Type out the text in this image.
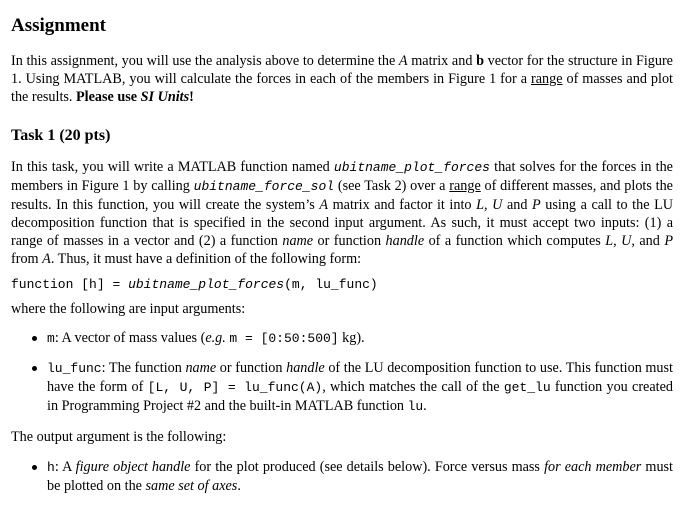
Assignment

In this assignment, you will use the analysis above to determine the A matrix and b vector for the structure in Figure 1. Using MATLAB, you will calculate the forces in each of the members in Figure 1 for a range of masses and plot the results. Please use SI Units!

Task 1 (20 pts)

In this task, you will write a MATLAB function named ubitname_plot_forces that solves for the forces in the members in Figure 1 by calling ubitname_force_sol (see Task 2) over a range of different masses, and plots the results. In this function, you will create the system’s A matrix and factor it into L, U and P using a call to the LU decomposition function that is specified in the second input argument. As such, it must accept two inputs: (1) a range of masses in a vector and (2) a function name or function handle of a function which computes L, U, and P from A. Thus, it must have a definition of the following form:

function [h] = ubitname_plot_forces(m, lu_func)

where the following are input arguments:

m: A vector of mass values (e.g. m = [0:50:500] kg).
lu_func: The function name or function handle of the LU decomposition function to use. This function must have the form of [L, U, P] = lu_func(A), which matches the call of the get_lu function you created in Programming Project #2 and the built-in MATLAB function lu.

The output argument is the following:

h: A figure object handle for the plot produced (see details below). Force versus mass for each member must be plotted on the same set of axes.
